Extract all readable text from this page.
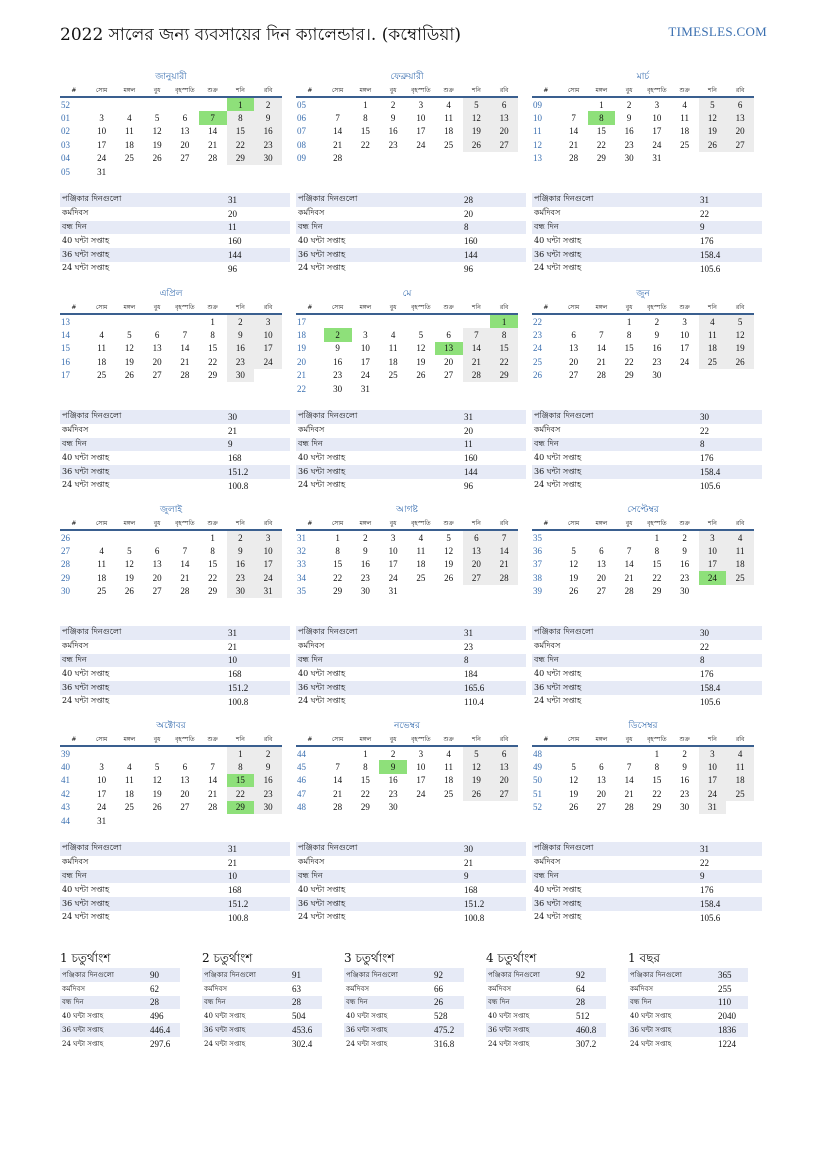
2022 সালের জন্য ব্যবসায়ের দিন ক্যালেন্ডার।. (কম্বোডিয়া)	TIMESLES.COM
জানুয়ারী
#	সোম	মঙ্গল	বুধ	বৃহস্পতি	শুক্র	শনি	রবি
52						1	2
01	3	4	5	6	7	8	9
02	10	11	12	13	14	15	16
03	17	18	19	20	21	22	23
04	24	25	26	27	28	29	30
05	31						
পঞ্জিকার দিনগুলো	31
কর্মদিবস	20
বন্ধ দিন	11
40 ঘন্টা সপ্তাহ	160
36 ঘন্টা সপ্তাহ	144
24 ঘন্টা সপ্তাহ	96
ফেব্রুয়ারী
#	সোম	মঙ্গল	বুধ	বৃহস্পতি	শুক্র	শনি	রবি
05		1	2	3	4	5	6
06	7	8	9	10	11	12	13
07	14	15	16	17	18	19	20
08	21	22	23	24	25	26	27
09	28						
পঞ্জিকার দিনগুলো	28
কর্মদিবস	20
বন্ধ দিন	8
40 ঘন্টা সপ্তাহ	160
36 ঘন্টা সপ্তাহ	144
24 ঘন্টা সপ্তাহ	96
মার্চ
#	সোম	মঙ্গল	বুধ	বৃহস্পতি	শুক্র	শনি	রবি
09		1	2	3	4	5	6
10	7	8	9	10	11	12	13
11	14	15	16	17	18	19	20
12	21	22	23	24	25	26	27
13	28	29	30	31			
পঞ্জিকার দিনগুলো	31
কর্মদিবস	22
বন্ধ দিন	9
40 ঘন্টা সপ্তাহ	176
36 ঘন্টা সপ্তাহ	158.4
24 ঘন্টা সপ্তাহ	105.6
এপ্রিল
#	সোম	মঙ্গল	বুধ	বৃহস্পতি	শুক্র	শনি	রবি
13					1	2	3
14	4	5	6	7	8	9	10
15	11	12	13	14	15	16	17
16	18	19	20	21	22	23	24
17	25	26	27	28	29	30	
পঞ্জিকার দিনগুলো	30
কর্মদিবস	21
বন্ধ দিন	9
40 ঘন্টা সপ্তাহ	168
36 ঘন্টা সপ্তাহ	151.2
24 ঘন্টা সপ্তাহ	100.8
মে
#	সোম	মঙ্গল	বুধ	বৃহস্পতি	শুক্র	শনি	রবি
17							1
18	2	3	4	5	6	7	8
19	9	10	11	12	13	14	15
20	16	17	18	19	20	21	22
21	23	24	25	26	27	28	29
22	30	31					
পঞ্জিকার দিনগুলো	31
কর্মদিবস	20
বন্ধ দিন	11
40 ঘন্টা সপ্তাহ	160
36 ঘন্টা সপ্তাহ	144
24 ঘন্টা সপ্তাহ	96
জুন
#	সোম	মঙ্গল	বুধ	বৃহস্পতি	শুক্র	শনি	রবি
22			1	2	3	4	5
23	6	7	8	9	10	11	12
24	13	14	15	16	17	18	19
25	20	21	22	23	24	25	26
26	27	28	29	30			
পঞ্জিকার দিনগুলো	30
কর্মদিবস	22
বন্ধ দিন	8
40 ঘন্টা সপ্তাহ	176
36 ঘন্টা সপ্তাহ	158.4
24 ঘন্টা সপ্তাহ	105.6
জুলাই
#	সোম	মঙ্গল	বুধ	বৃহস্পতি	শুক্র	শনি	রবি
26					1	2	3
27	4	5	6	7	8	9	10
28	11	12	13	14	15	16	17
29	18	19	20	21	22	23	24
30	25	26	27	28	29	30	31
পঞ্জিকার দিনগুলো	31
কর্মদিবস	21
বন্ধ দিন	10
40 ঘন্টা সপ্তাহ	168
36 ঘন্টা সপ্তাহ	151.2
24 ঘন্টা সপ্তাহ	100.8
আগষ্ট
#	সোম	মঙ্গল	বুধ	বৃহস্পতি	শুক্র	শনি	রবি
31	1	2	3	4	5	6	7
32	8	9	10	11	12	13	14
33	15	16	17	18	19	20	21
34	22	23	24	25	26	27	28
35	29	30	31				
পঞ্জিকার দিনগুলো	31
কর্মদিবস	23
বন্ধ দিন	8
40 ঘন্টা সপ্তাহ	184
36 ঘন্টা সপ্তাহ	165.6
24 ঘন্টা সপ্তাহ	110.4
সেপ্টেম্বর
#	সোম	মঙ্গল	বুধ	বৃহস্পতি	শুক্র	শনি	রবি
35				1	2	3	4
36	5	6	7	8	9	10	11
37	12	13	14	15	16	17	18
38	19	20	21	22	23	24	25
39	26	27	28	29	30		
পঞ্জিকার দিনগুলো	30
কর্মদিবস	22
বন্ধ দিন	8
40 ঘন্টা সপ্তাহ	176
36 ঘন্টা সপ্তাহ	158.4
24 ঘন্টা সপ্তাহ	105.6
অক্টোবর
#	সোম	মঙ্গল	বুধ	বৃহস্পতি	শুক্র	শনি	রবি
39						1	2
40	3	4	5	6	7	8	9
41	10	11	12	13	14	15	16
42	17	18	19	20	21	22	23
43	24	25	26	27	28	29	30
44	31						
পঞ্জিকার দিনগুলো	31
কর্মদিবস	21
বন্ধ দিন	10
40 ঘন্টা সপ্তাহ	168
36 ঘন্টা সপ্তাহ	151.2
24 ঘন্টা সপ্তাহ	100.8
নভেম্বর
#	সোম	মঙ্গল	বুধ	বৃহস্পতি	শুক্র	শনি	রবি
44		1	2	3	4	5	6
45	7	8	9	10	11	12	13
46	14	15	16	17	18	19	20
47	21	22	23	24	25	26	27
48	28	29	30				
পঞ্জিকার দিনগুলো	30
কর্মদিবস	21
বন্ধ দিন	9
40 ঘন্টা সপ্তাহ	168
36 ঘন্টা সপ্তাহ	151.2
24 ঘন্টা সপ্তাহ	100.8
ডিসেম্বর
#	সোম	মঙ্গল	বুধ	বৃহস্পতি	শুক্র	শনি	রবি
48				1	2	3	4
49	5	6	7	8	9	10	11
50	12	13	14	15	16	17	18
51	19	20	21	22	23	24	25
52	26	27	28	29	30	31	
পঞ্জিকার দিনগুলো	31
কর্মদিবস	22
বন্ধ দিন	9
40 ঘন্টা সপ্তাহ	176
36 ঘন্টা সপ্তাহ	158.4
24 ঘন্টা সপ্তাহ	105.6
1 চতুর্থাংশ
পঞ্জিকার দিনগুলো	90
কর্মদিবস	62
বন্ধ দিন	28
40 ঘন্টা সপ্তাহ	496
36 ঘন্টা সপ্তাহ	446.4
24 ঘন্টা সপ্তাহ	297.6
2 চতুর্থাংশ
পঞ্জিকার দিনগুলো	91
কর্মদিবস	63
বন্ধ দিন	28
40 ঘন্টা সপ্তাহ	504
36 ঘন্টা সপ্তাহ	453.6
24 ঘন্টা সপ্তাহ	302.4
3 চতুর্থাংশ
পঞ্জিকার দিনগুলো	92
কর্মদিবস	66
বন্ধ দিন	26
40 ঘন্টা সপ্তাহ	528
36 ঘন্টা সপ্তাহ	475.2
24 ঘন্টা সপ্তাহ	316.8
4 চতুর্থাংশ
পঞ্জিকার দিনগুলো	92
কর্মদিবস	64
বন্ধ দিন	28
40 ঘন্টা সপ্তাহ	512
36 ঘন্টা সপ্তাহ	460.8
24 ঘন্টা সপ্তাহ	307.2
1 বছর
পঞ্জিকার দিনগুলো	365
কর্মদিবস	255
বন্ধ দিন	110
40 ঘন্টা সপ্তাহ	2040
36 ঘন্টা সপ্তাহ	1836
24 ঘন্টা সপ্তাহ	1224
